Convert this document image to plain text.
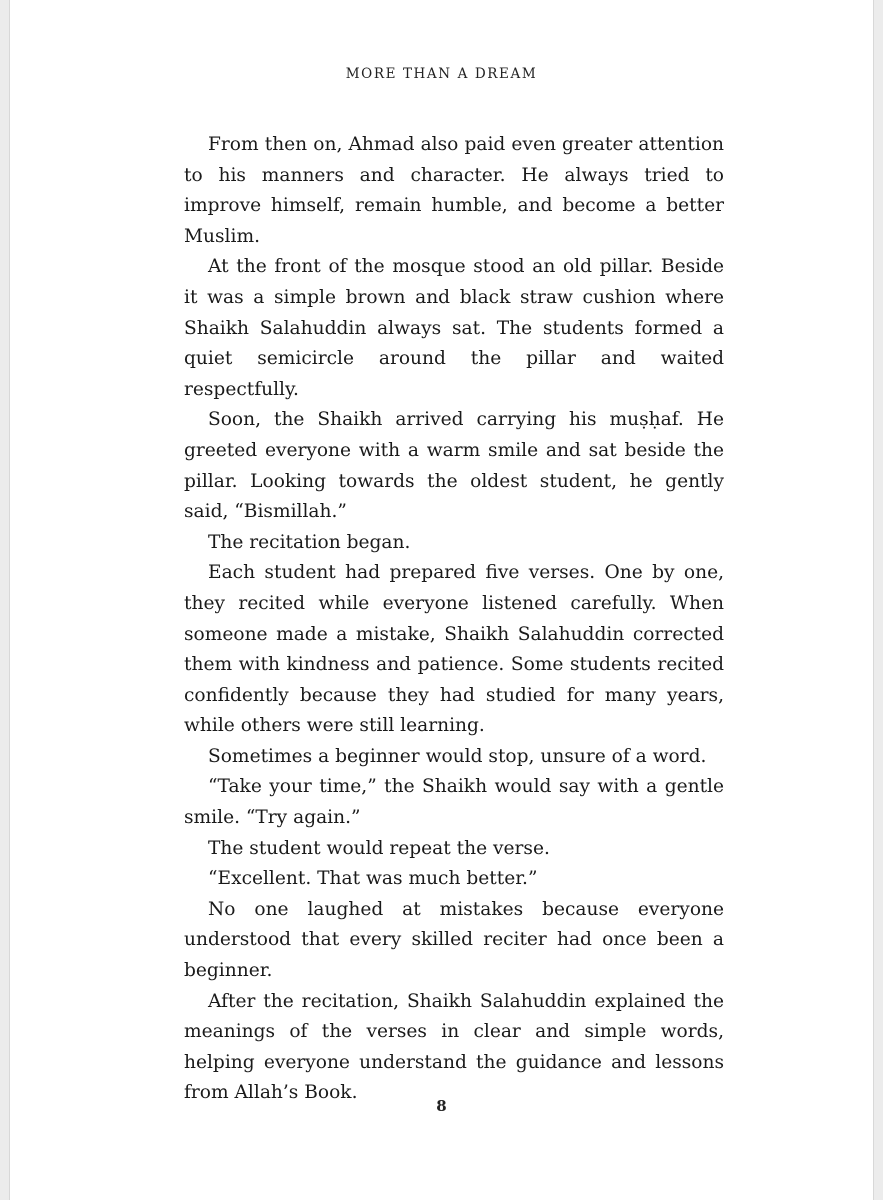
MORE THAN A DREAM

From then on, Ahmad also paid even greater attention to his manners and character. He always tried to improve himself, remain humble, and become a better Muslim.

At the front of the mosque stood an old pillar. Beside it was a simple brown and black straw cushion where Shaikh Salahuddin always sat. The students formed a quiet semicircle around the pillar and waited respectfully.

Soon, the Shaikh arrived carrying his muṣḥaf. He greeted everyone with a warm smile and sat beside the pillar. Looking towards the oldest student, he gently said, “Bismillah.”

The recitation began.

Each student had prepared five verses. One by one, they recited while everyone listened carefully. When someone made a mistake, Shaikh Salahuddin corrected them with kindness and patience. Some students recited confidently because they had studied for many years, while others were still learning.

Sometimes a beginner would stop, unsure of a word.

“Take your time,” the Shaikh would say with a gentle smile. “Try again.”

The student would repeat the verse.

“Excellent. That was much better.”

No one laughed at mistakes because everyone understood that every skilled reciter had once been a beginner.

After the recitation, Shaikh Salahuddin explained the meanings of the verses in clear and simple words, helping everyone understand the guidance and lessons from Allah’s Book.

8
